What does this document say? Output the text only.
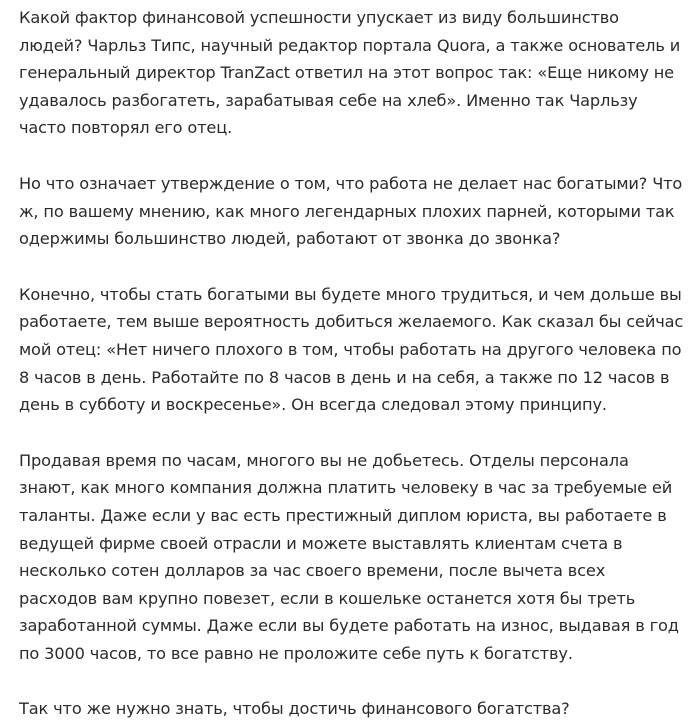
Какой фактор финансовой успешности упускает из виду большинство
людей? Чарльз Типс, научный редактор портала Quora, а также основатель и
генеральный директор TranZact ответил на этот вопрос так: «Еще никому не
удавалось разбогатеть, зарабатывая себе на хлеб». Именно так Чарльзу
часто повторял его отец.

Но что означает утверждение о том, что работа не делает нас богатыми? Что
ж, по вашему мнению, как много легендарных плохих парней, которыми так
одержимы большинство людей, работают от звонка до звонка?

Конечно, чтобы стать богатыми вы будете много трудиться, и чем дольше вы
работаете, тем выше вероятность добиться желаемого. Как сказал бы сейчас
мой отец: «Нет ничего плохого в том, чтобы работать на другого человека по
8 часов в день. Работайте по 8 часов в день и на себя, а также по 12 часов в
день в субботу и воскресенье». Он всегда следовал этому принципу.

Продавая время по часам, многого вы не добьетесь. Отделы персонала
знают, как много компания должна платить человеку в час за требуемые ей
таланты. Даже если у вас есть престижный диплом юриста, вы работаете в
ведущей фирме своей отрасли и можете выставлять клиентам счета в
несколько сотен долларов за час своего времени, после вычета всех
расходов вам крупно повезет, если в кошельке останется хотя бы треть
заработанной суммы. Даже если вы будете работать на износ, выдавая в год
по 3000 часов, то все равно не проложите себе путь к богатству.

Так что же нужно знать, чтобы достичь финансового богатства?
